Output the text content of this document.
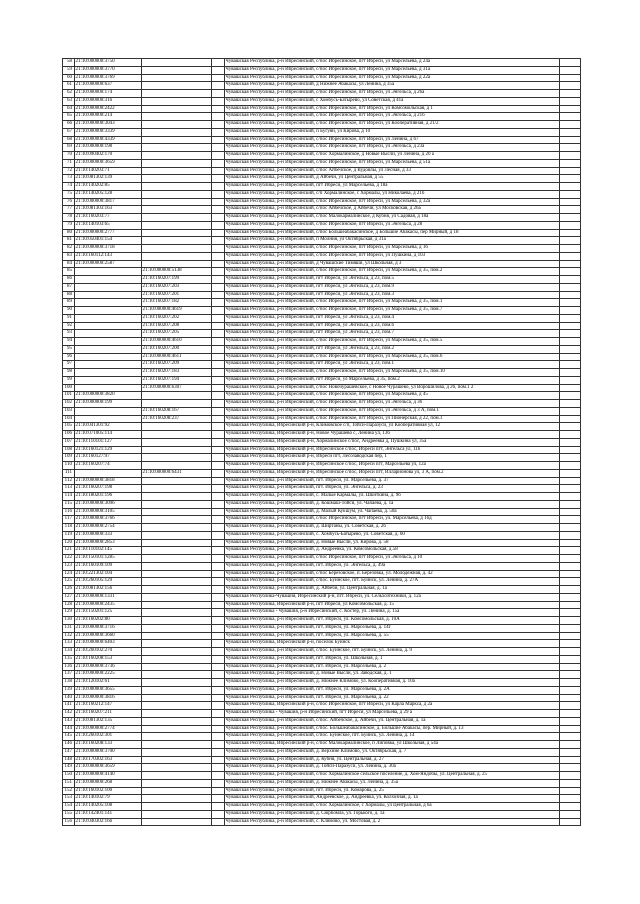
58	21:10:000000:3750			Чувашская Республика, р-н Ибресинский, с/пос Ибресинское, пгт Ибреси, ул Марсельева, д 24а	
59	21:10:000000:3770			Чувашская Республика, р-н Ибресинский, с/пос Ибресинское, пгт Ибреси, ул Марсельева, д 31а	
60	21:10:000000:3769			Чувашская Республика, р-н Ибресинский, с/пос Ибресинское, пгт Ибреси, ул Марсельева, д 22а	
61	21:10:000000:637			Чувашская Республика, р-н Ибресинский, д Нижнее Абакасы, ул Ленина, д 35а	
62	21:10:000000:174			Чувашская Республика, р-н Ибресинский, с/пос Ибресинское, пгт Ибреси, ул Энгельса, д 26а	
63	21:10:000000:316			Чувашская Республика, р-н Ибресинский, с Хомбусь-Батырево, ул Советская, д 41а	
64	21:10:000000:2422			Чувашская Республика, р-н Ибресинский, с/пос Ибресинское, пгт Ибреси, ул Комсомольская, д 1	
65	21:10:000000:214			Чувашская Республика, р-н Ибресинский, с/пос Ибресинское, пгт Ибреси, ул Энгельса, д 21б	
66	21:10:000000:3043			Чувашская Республика, р-н Ибресинский, с/пос Ибресинское, пгт Ибреси, ул Кооперативная, д 21/2	
67	21:10:000000:3339			Чувашская Республика, р-н Ибресинский, п Бугуян, ул Кирова, д 10	
68	21:10:000000:4339			Чувашская Республика, р-н Ибресинский, с/пос Ибресинское, пгт Ибреси, ул Ленина, д 67	
69	21:10:000000:198			Чувашская Республика, р-н Ибресинский, с/пос Ибресинское, пгт Ибреси, ул Энгельса, д 23а	
70	21:10:090402:170			Чувашская Республика, р-н Ибресинский, с/пос Хормалинское, д Новые Высли, ул Ленина, д 20 а	
71	21:10:000000:3659			Чувашская Республика, р-н Ибресинский, с/пос Ибресинское, пгт Ибреси, ул Марсельева, д 51а	
72	21:10:140203:71			Чувашская Республика, р-н Ибресинский, с/пос Айбечское, д Вудоялы, ул Лесная, д 33	
73	21:10:081302:139			Чувашская Республика, р-н Ибресинский, д Айбечи, ул Центральная, д 55	
74	21:10:140202:85			Чувашская Республика, р-н Ибресинский, пгт Ибреси, ул Марсельева, д 18а	
75	21:10:140205:128			Чувашская Республика, р-н Ибресинский, с/п Хормалинское, с Хормалы, ул Николаева, д 21б	
76	21:10:000000:3817			Чувашская Республика, р-н Ибресинский, с/пос Ибресинское, пгт Ибреси, ул Марсельева, д 32а	
77	21:10:081303:163			Чувашская Республика, р-н Ибресинский, с/пос Айбечское, д Айбечи, ул Московская, д 26а	
78	21:10:160203:77			Чувашская Республика, р-н Ибресинский, с/пос Малокармалинское, д Кубня, ул Садовая, д 18а	
79	21:10:140103:65			Чувашская Республика, р-н Ибресинский, с/пос Ибресинское, пгт Ибреси, ул Энгельса, д 28	
80	21:10:000000:2777			Чувашская Республика, р-н Ибресинский, с/пос Большеабакасинское, д Большие Абакасы, пер Мирный, д 18	
81	21:10:050401:154			Чувашская Республика, р-н Ибресинский, п Молния, ул Октябрьская, д 31а	
82	21:10:000000:3718			Чувашская Республика, р-н Ибресинский, с/пос Ибресинское, пгт Ибреси, ул Марсельева, д 16	
83	21:10:160112:143			Чувашская Республика, р-н Ибресинский, с/пос Ибресинское, пгт Ибреси, ул Пушкина, д 103	
84	21:10:000000:2587			Чувашская Республика, р-н Ибресинский, д Чувашские Тимяши, ул Школьная, д 3	
85		21:10:000000:5138		Чувашская Республика, р-н Ибресинский, с/пос Ибресинское, пгт Ибреси, ул Марсельева, д 35, пом.2	
86		21:10:160207:199		Чувашская Республика, р-н Ибресинский, пгт Ибреси, ул Энгельса, д 23, пом.5	
87		21:10:160207:203		Чувашская Республика, р-н Ибресинский, пгт Ибреси, ул Энгельса, д 23, пом.9	
88		21:10:160207:201		Чувашская Республика, р-н Ибресинский, пгт Ибреси, ул Энгельса, д 23, пом.3	
89		21:10:160207:182		Чувашская Республика, р-н Ибресинский, с/пос Ибресинское, пгт Ибреси, ул Марсельева, д 35, пом.1	
90		21:10:000000:4619		Чувашская Республика, р-н Ибресинский, с/пос Ибресинское, пгт Ибреси, ул Марсельева, д 35, пом.7	
91		21:10:160207:202		Чувашская Республика, р-н Ибресинский, пгт Ибреси, ул Энгельса, д 23, пом.4	
92		21:10:160207:208		Чувашская Республика, р-н Ибресинский, пгт Ибреси, ул Энгельса, д 23, пом.6	
93		21:10:160207:205		Чувашская Республика, р-н Ибресинский, пгт Ибреси, ул Энгельса, д 23, пом.7	
94		21:10:000000:4610		Чувашская Республика, р-н Ибресинский, с/пос Ибресинское, пгт Ибреси, ул Марсельева, д 35, пом.5	
95		21:10:160207:200		Чувашская Республика, р-н Ибресинский, пгт Ибреси, ул Энгельса, д 23, пом.2	
96		21:10:000000:4611		Чувашская Республика, р-н Ибресинский, с/пос Ибресинское, пгт Ибреси, ул Марсельева, д 35, пом.6	
97		21:10:160207:209		Чувашская Республика, р-н Ибресинский, пгт Ибреси, ул Энгельса, д 23, пом.1	
98		21:10:160207:183		Чувашская Республика, р-н Ибресинский, с/пос Ибресинское, пгт Ибреси, ул Марсельева, д 35, пом.10	
99		21:10:160207:194		Чувашская Республика, р-н Ибресинский, пгт Ибреси, ул Марсельева, д 35, пом.2	
100		21:10:000000:6307		Чувашская Республика, р-н Ибресинский, с/пос Новочурашевское, с Новое Чурашево, ул Ворошилова, д 26, пом.1 2	
101	21:10:000000:3820			Чувашская Республика, р-н Ибресинский, с/пос Ибресинское, пгт Ибреси, ул Марсельева, д 45	
102	21:10:000000:199			Чувашская Республика, р-н Ибресинский, с/пос Ибресинское, пгт Ибреси, ул Энгельса, д 36	
103		21:10:160208:167		Чувашская Республика, р-н Ибресинский, с/пос Ибресинское, пгт Ибреси, ул Энгельса, д 3 А, пом.1	
104		21:10:160208:237		Чувашская Республика, р-н Ибресинский, с/пос Ибресинское, пгт Ибреси, ул Пионерская, д 22, пом.1	
105	21:10:041301:92			Чувашская Республика, Ибресинский р-н, Климовское с/п, Тойси-Паразуси, ул Кооперативная ул, 12	
106	21:10:071005:114			Чувашская Республика, Ибресинский р-н, Новое Чурашево с, Ленина ул, 136	
107	21:10:110101:127			Чувашская Республика, Ибресинский р-н, Хормалинское с/пос, Андреевка д, Пушкина ул, 35а	
108	21:10:160121:129			Чувашская Республика, Ибресинский р-н, Ибресинское с/пос, Ибреси пгт, Энгельса ул, 11б	
109	21:10:160127:97			Чувашская Республика, Ибресинский р-н, Ибреси пгт, Лесозаводская пер, 1	
110	21:10:160207:74			Чувашская Республика, Ибресинский р-н, Ибресинское с/пос, Ибреси пгт, Марсельева ул, 12а	
111		21:10:000000:6431		Чувашская Республика, Ибресинский р-н, Ибресинское с/пос, Ибреси пгт, Илларионова ул, 3 А, пом.2	
112	21:10:000000:3818			Чувашская Республика, р-н Ибресинский, пгт. Ибреси, ул. Марсельева, д. 37	
113	21:10:160207:198			Чувашская Республика, р-н Ибресинский, пгт. Ибреси, ул. Энгельса, д. 23	
114	21:10:180201:196			Чувашская Республика, р-н Ибресинский, с. Малые Кармалы, ул. Шкиткина, д. 9б	
115	21:10:000000:3096			Чувашская Республика, р-н Ибресинский, д. Кошмаш-Тойси, ул. Чапаева, д. 1а	
116	21:10:000000:3105			Чувашская Республика, р-н Ибресинский, д. Малый Кукшум, ул. Чапаева, д. 50а	
117	21:10:000000:3766			Чувашская Республика, р-н Ибресинский, с/пос Ибресинское, пгт Ибреси, ул. Марсельева, д 16д	
118	21:10:000000:2754			Чувашская Республика, р-н Ибресинский, д. Ширтаны, ул. Советская, д. 2б	
119	21:10:000000:333			Чувашская Республика, р-н Ибресинский, с. Хомбусь-Батырево, ул. Советская, д. 60	
120	21:10:000000:2853			Чувашская Республика, р-н Ибресинский, д. Новые Высли, ул. Кирова, д. 58	
121	21:10:110102:145			Чувашская Республика, р-н Ибресинский, д. Андреевка, ул. Комсомольская, д.58	
122	21:10:150101:1285			Чувашская Республика, р-н Ибресинский, с/пос Ибресинское, пгт Ибреси, ул Энгельса, д 10	
123	21:10:160109:109			Чувашская Республика, р-н Ибресинский, пгт. Ибреси, ул. Энгельса, д. 49а	
124	21:10:221302:104			Чувашская Республика, р-н Ибресинский, с/пос Березовское, п. Березовка, ул. Молодежная, д. 42	
125	21:10:260105:129			Чувашская Республика, р-н Ибресинский, с/пос. Буинское, пгт. Буинск, ул. Ленина, д. 27А	
126	21:10:081302:156			Чувашская Республика, р-н Ибресинский, д. Айбечи, ул. Центральная, д. 1а	
127	21:10:000000:1331			Чувашская Республика-Чувашия, Ибресинский р-н, пгт. Ибреси, ул. Сельхозтехники, д. 12а	
128	21:10:000000:2435			Чувашская Республика, Ибресинский р-н, пгт Ибреси, ул Комсомольская, д. 15	
129	21:10:150201:125			Чувашская Республика - Чувашия, р-н Ибресинский, с. Костер, ул. Ленина, д. 15а	
130	21:10:160202:80			Чувашская Республика, р-н Ибресинский, пгт. Ибреси, ул. Комсомольская, д. 10А	
131	21:10:000000:3716			Чувашская Республика, р-н Ибресинский, пгт. Ибреси, ул. Марсельева, д. 14г	
132	21:10:000000:3660			Чувашская Республика, р-н Ибресинский, пгт. Ибреси, ул. Марсельева, д. 55	
133	21:10:000000:6403			Чувашская Республика, Ибресинский р-н, поселок Буинск	
134	21:10:260102:270			Чувашская Республика, р-н Ибресинский, с/пос. Буинское, пгт. Буинск, ул. Ленина, д. 9	
135	21:10:160208:153			Чувашская Республика, р-н Ибресинский, пгт. Ибреси, ул. Школьная, д. 1	
136	21:10:000000:3736			Чувашская Республика, р-н Ибресинский, пгт. Ибреси, ул. Марсельева, д. 2	
137	21:10:000000:2225			Чувашская Республика, р-н Ибресинский, д. Новые Высли, ул. Заводская, д. 1	
138	21:10:120102:61			Чувашская Республика, р-н Ибресинский, д. Нижнее Климово, ул. Кооперативная, д. 10а	
139	21:10:000000:3655			Чувашская Республика, р-н Ибресинский, пгт. Ибреси, ул. Марсельева, д. 2А	
140	21:10:000000:3816			Чувашская Республика, р-н Ибресинский, пгт. Ибреси, ул. Марсельева, д. 22	
141	21:10:160212:147			Чувашская Республика, Ибресинский р-н, с/пос Ибресинское, пгт Ибреси, ул Карла Маркса, д 2а	
142	21:10:160207:211			Чувашская Республика - Чувашия, р-н Ибресинский, пгт Ибреси, ул Марсельева, д 29 а	
143	21:10:081302:135			Чувашская Республика, р-н Ибресинский, с/пос. Айбечское, д. Айбечи, ул. Центральная, д. 1а	
144	21:10:000000:2774			Чувашская Республика, р-н Ибресинский, с/пос. Большеабакасинское, д. Большие Абакасы, пер. Мирный, д. 13	
145	21:10:260102:301			Чувашская Республика, р-н Ибресинский, с/пос. Буинское, пгт. Буинск, ул. Ленина, д. 14	
146	21:10:160208:133			Чувашская Республика, Ибресинский р-н, с/пос Малокармалинское, п Липовка, ул Школьная, д 54а	
147	21:10:000000:3700			Чувашская Республика, р-н Ибресинский, д. Верхние Климово, ул. Октябрьская, д. 7	
148	21:10:170302:163			Чувашская Республика, р-н Ибресинский, д. Кубня, ул. Центральная, д. 27	
149	21:10:000000:3659			Чувашская Республика, р-н Ибресинский, д. Тойси-Паразуси, ул. Ленина, д. 30а	
150	21:10:000000:4140			Чувашская Республика, р-н Ибресинский, с/пос Хормалинское сельское поселение, д. Хом-Яндобы, ул. Центральная, д. 25	
151	21:10:000000:268			Чувашская Республика, р-н Ибресинский, д. Нижнее Абакасы, ул. Ленина, д. 35а	
152	21:10:160102:100			Чувашская Республика, р-н Ибресинский, пгт. Ибреси, ул. Комарова, д. 25	
153	21:10:140102:79			Чувашская Республика, р-н Ибресинский, Андреевское, д. Андреевка, ул. Колхозная, д. 1а	
154	21:10:140205:108			Чувашская Республика, р-н Ибресинский, с/пос Хормалинское, с Хормалы, ул Центральная, д 6а	
155	21:10:142401:141			Чувашская Республика, р-н Ибресинский, д. Сюрбомла, ул. Горького, д. 1а	
156	21:10:040302:166			Чувашская Республика, р-н Ибресинский, с. Климово, ул. Мостовая, д. 2	
